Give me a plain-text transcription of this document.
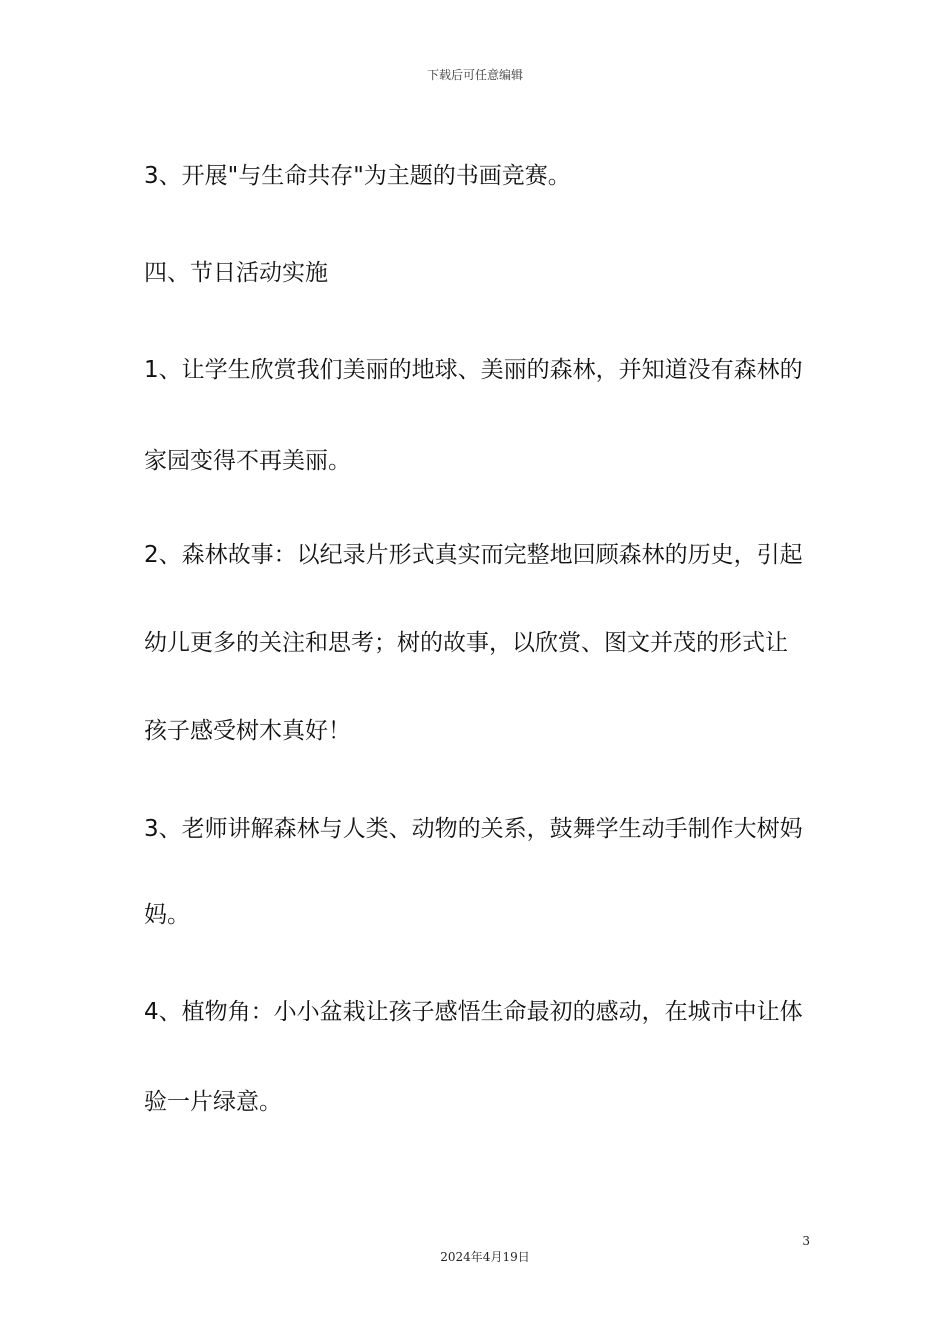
下载后可任意编辑
3、开展"与生命共存"为主题的书画竞赛。
四、节日活动实施
1、让学生欣赏我们美丽的地球、美丽的森林，并知道没有森林的
家园变得不再美丽。
2、森林故事：以纪录片形式真实而完整地回顾森林的历史，引起
幼儿更多的关注和思考；树的故事，以欣赏、图文并茂的形式让
孩子感受树木真好！
3、老师讲解森林与人类、动物的关系，鼓舞学生动手制作大树妈
妈。
4、植物角：小小盆栽让孩子感悟生命最初的感动，在城市中让体
验一片绿意。
3
2024年4月19日
